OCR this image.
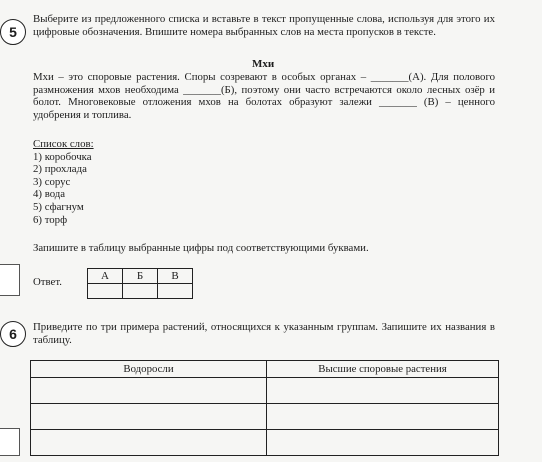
5
Выберите из предложенного списка и вставьте в текст пропущенные слова, используя для этого их цифровые обозначения. Впишите номера выбранных слов на места пропусков в тексте.
Мхи
Мхи – это споровые растения. Споры созревают в особых органах – _______(А). Для полового размножения мхов необходима _______(Б), поэтому они часто встречаются около лесных озёр и болот. Многовековые отложения мхов на болотах образуют залежи _______ (В) – ценного удобрения и топлива.
Список слов:
1) коробочка
2) прохлада
3) сорус
4) вода
5) сфагнум
6) торф
Запишите в таблицу выбранные цифры под соответствующими буквами.
Ответ.	А	Б	В

6 Приведите по три примера растений, относящихся к указанным группам. Запишите их названия в таблицу.
Водоросли	Высшие споровые растения
